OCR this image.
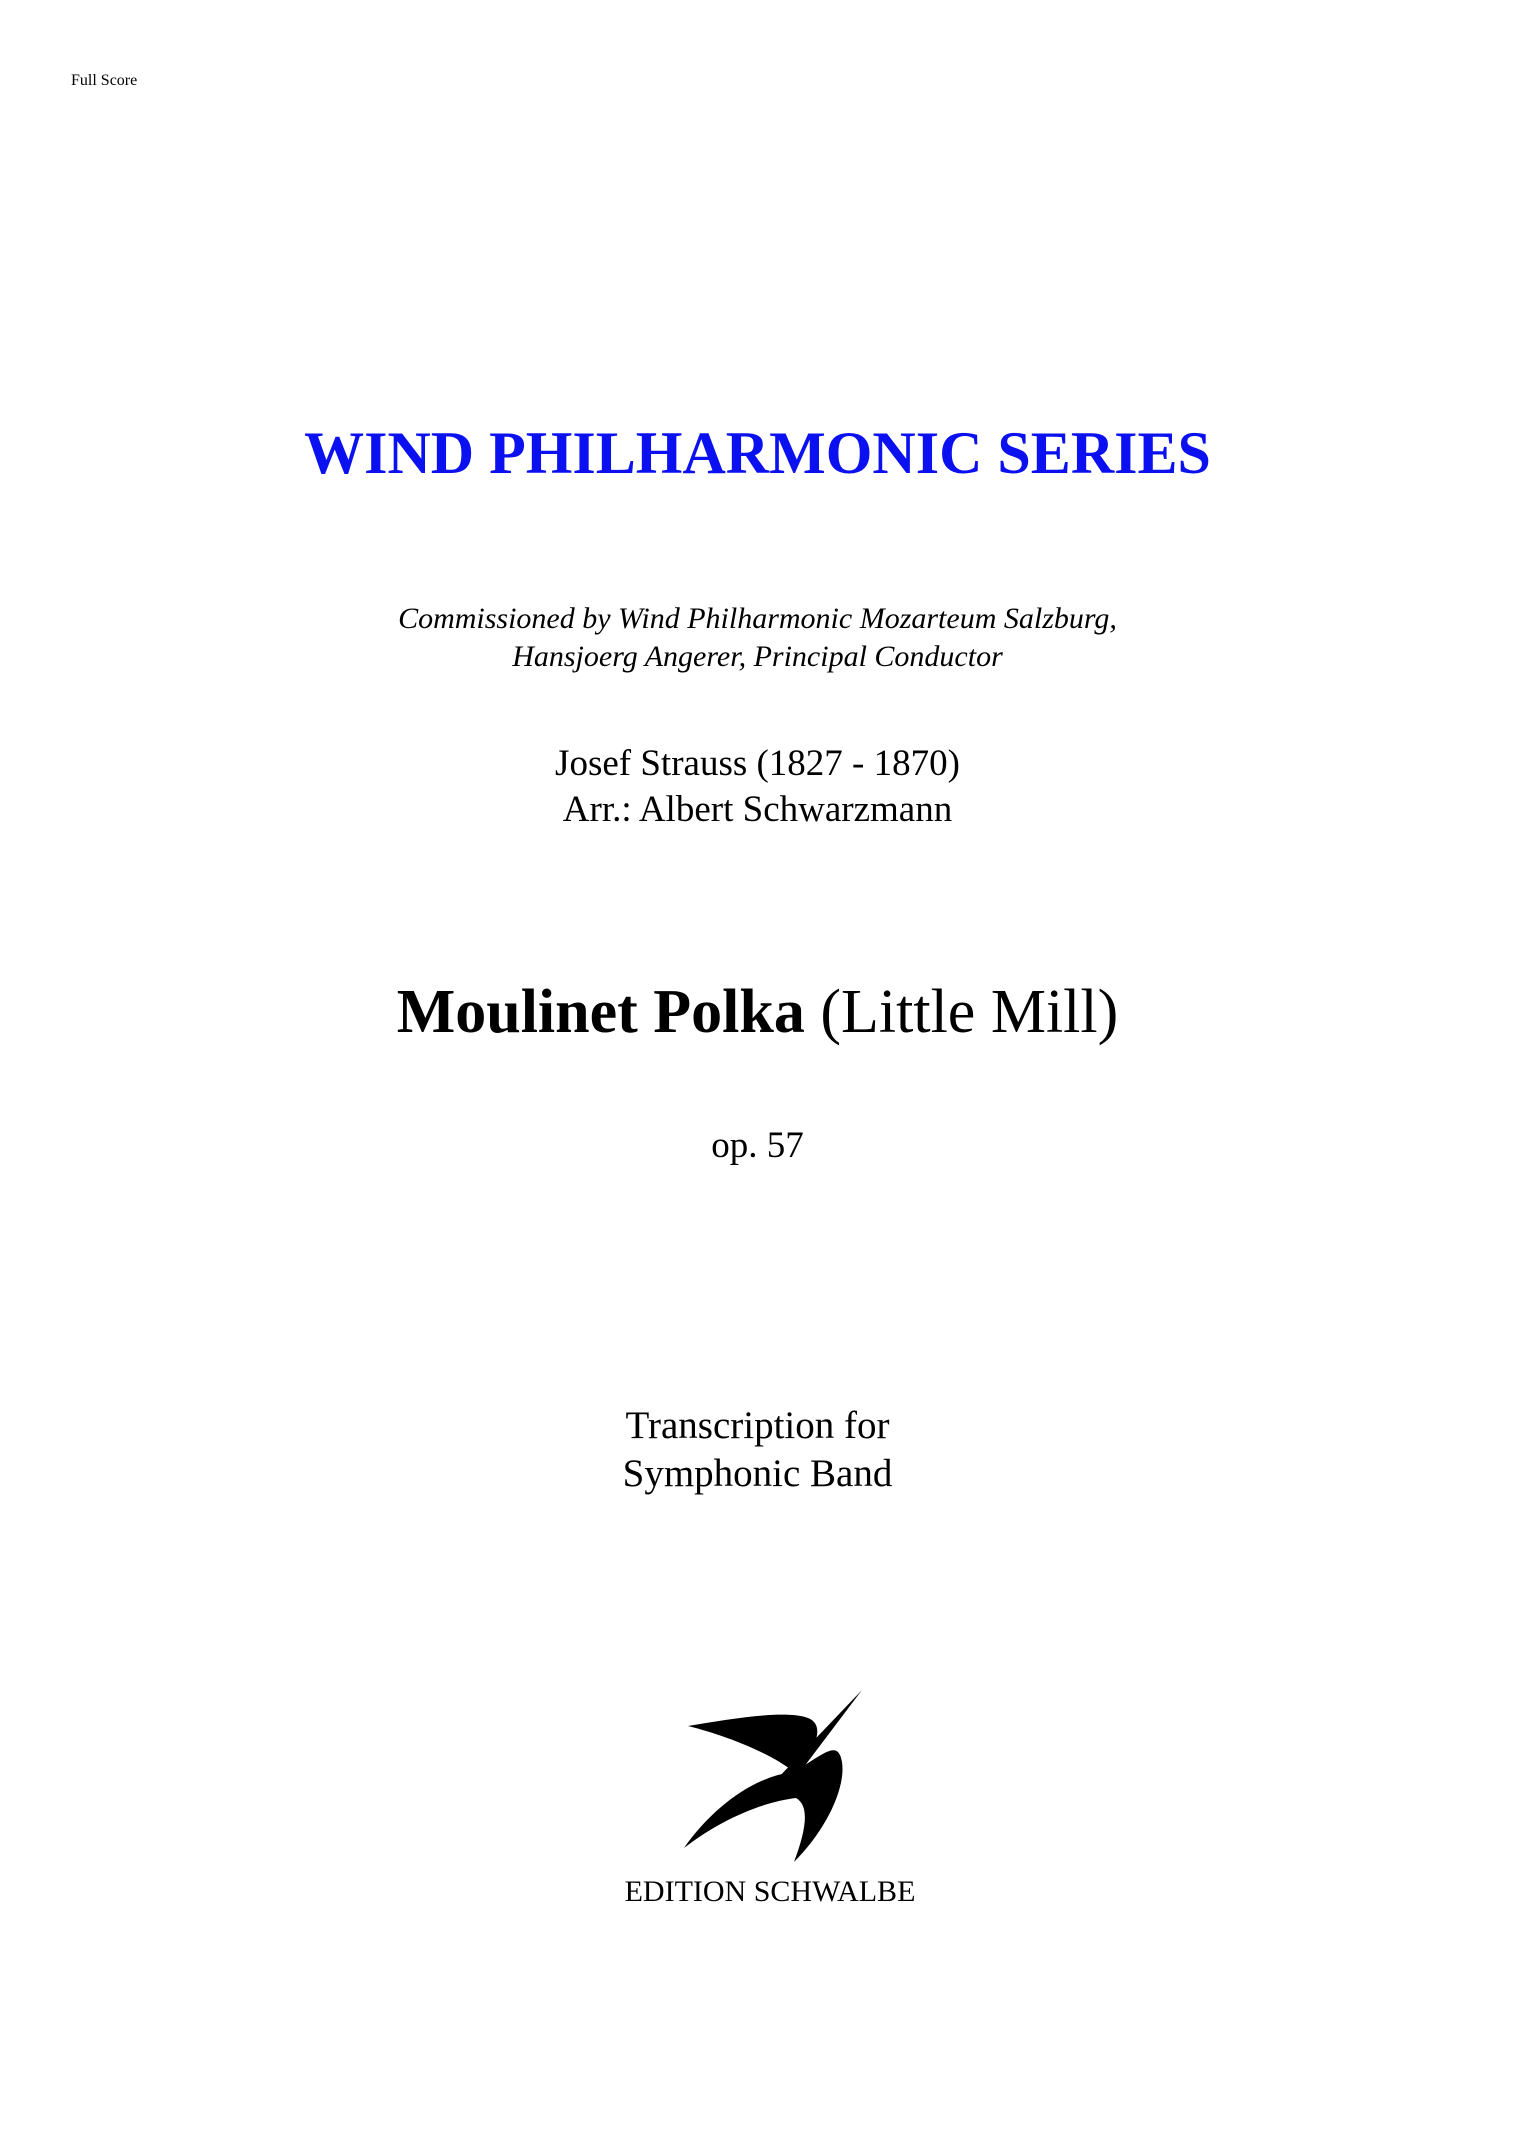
Full Score
WIND PHILHARMONIC SERIES
Commissioned by Wind Philharmonic Mozarteum Salzburg,
Hansjoerg Angerer, Principal Conductor
Josef Strauss (1827 - 1870)
Arr.: Albert Schwarzmann
Moulinet Polka (Little Mill)
op. 57
Transcription for
Symphonic Band
EDITION SCHWALBE
